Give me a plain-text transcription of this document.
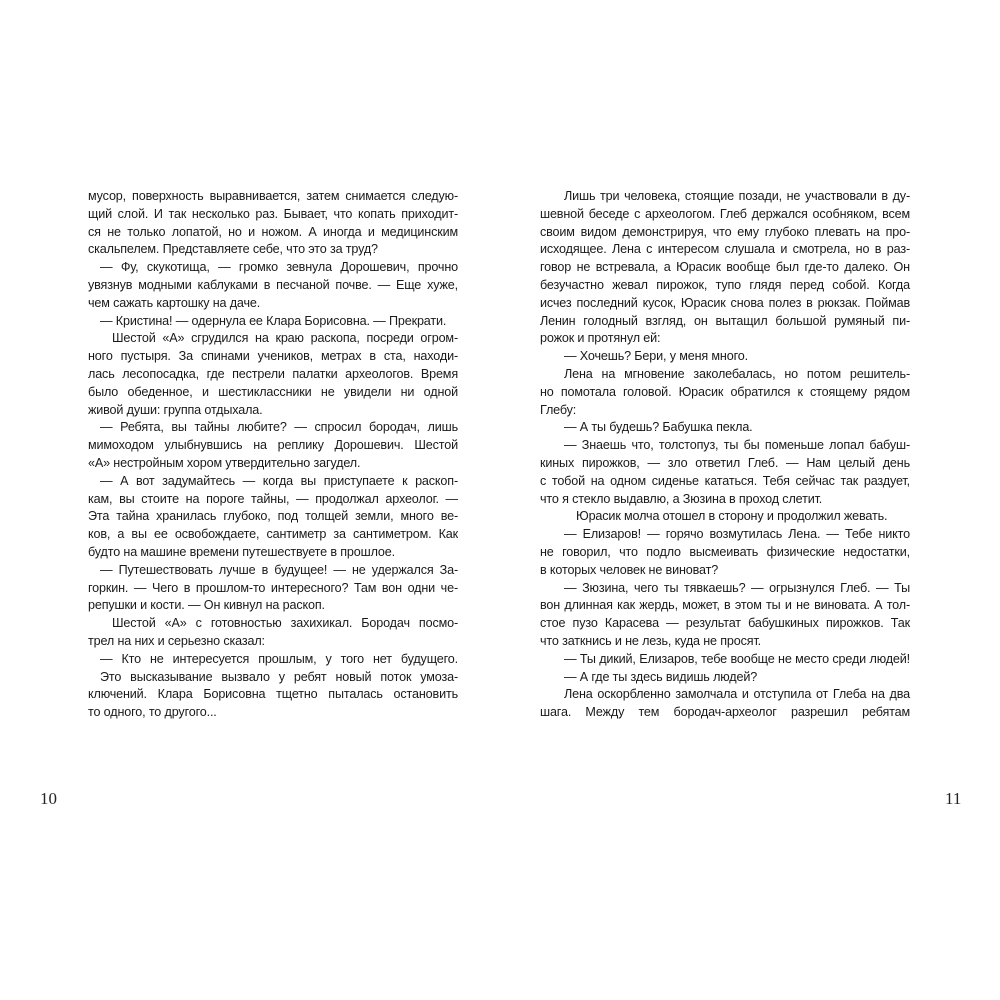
мусор, поверхность выравнивается, затем снимается следую-
щий слой. И так несколько раз. Бывает, что копать приходит-
ся не только лопатой, но и ножом. А иногда и медицинским
скальпелем. Представляете себе, что это за труд?
— Фу, скукотища, — громко зевнула Дорошевич, прочно
увязнув модными каблуками в песчаной почве. — Еще хуже,
чем сажать картошку на даче.
— Кристина! — одернула ее Клара Борисовна. — Прекрати.
Шестой «А» сгрудился на краю раскопа, посреди огром-
ного пустыря. За спинами учеников, метрах в ста, находи-
лась лесопосадка, где пестрели палатки археологов. Время
было обеденное, и шестиклассники не увидели ни одной
живой души: группа отдыхала.
— Ребята, вы тайны любите? — спросил бородач, лишь
мимоходом улыбнувшись на реплику Дорошевич. Шестой
«А» нестройным хором утвердительно загудел.
— А вот задумайтесь — когда вы приступаете к раскоп-
кам, вы стоите на пороге тайны, — продолжал археолог. —
Эта тайна хранилась глубоко, под толщей земли, много ве-
ков, а вы ее освобождаете, сантиметр за сантиметром. Как
будто на машине времени путешествуете в прошлое.
— Путешествовать лучше в будущее! — не удержался За-
горкин. — Чего в прошлом-то интересного? Там вон одни че-
репушки и кости. — Он кивнул на раскоп.
Шестой «А» с готовностью захихикал. Бородач посмо-
трел на них и серьезно сказал:
— Кто не интересуется прошлым, у того нет будущего.
Это высказывание вызвало у ребят новый поток умоза-
ключений. Клара Борисовна тщетно пыталась остановить
то одного, то другого...
Лишь три человека, стоящие позади, не участвовали в ду-
шевной беседе с археологом. Глеб держался особняком, всем
своим видом демонстрируя, что ему глубоко плевать на про-
исходящее. Лена с интересом слушала и смотрела, но в раз-
говор не встревала, а Юрасик вообще был где-то далеко. Он
безучастно жевал пирожок, тупо глядя перед собой. Когда
исчез последний кусок, Юрасик снова полез в рюкзак. Поймав
Ленин голодный взгляд, он вытащил большой румяный пи-
рожок и протянул ей:
— Хочешь? Бери, у меня много.
Лена на мгновение заколебалась, но потом решитель-
но помотала головой. Юрасик обратился к стоящему рядом
Глебу:
— А ты будешь? Бабушка пекла.
— Знаешь что, толстопуз, ты бы поменьше лопал бабуш-
киных пирожков, — зло ответил Глеб. — Нам целый день
с тобой на одном сиденье кататься. Тебя сейчас так раздует,
что я стекло выдавлю, а Зюзина в проход слетит.
Юрасик молча отошел в сторону и продолжил жевать.
— Елизаров! — горячо возмутилась Лена. — Тебе никто
не говорил, что подло высмеивать физические недостатки,
в которых человек не виноват?
— Зюзина, чего ты тявкаешь? — огрызнулся Глеб. — Ты
вон длинная как жердь, может, в этом ты и не виновата. А тол-
стое пузо Карасева — результат бабушкиных пирожков. Так
что заткнись и не лезь, куда не просят.
— Ты дикий, Елизаров, тебе вообще не место среди людей!
— А где ты здесь видишь людей?
Лена оскорбленно замолчала и отступила от Глеба на два
шага. Между тем бородач-археолог разрешил ребятам
10	11
